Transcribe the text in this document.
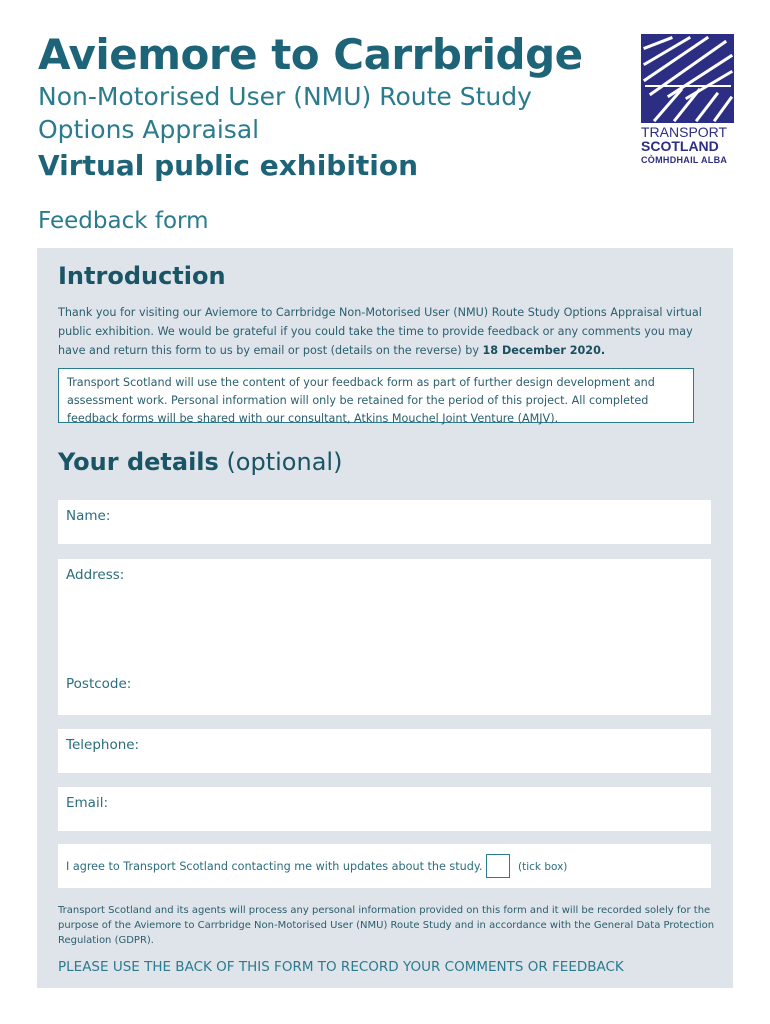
Aviemore to Carrbridge
Non-Motorised User (NMU) Route Study Options Appraisal
Virtual public exhibition
Feedback form
TRANSPORT
SCOTLAND
CÒMHDHAIL ALBA
Introduction
Thank you for visiting our Aviemore to Carrbridge Non-Motorised User (NMU) Route Study Options Appraisal virtual public exhibition. We would be grateful if you could take the time to provide feedback or any comments you may have and return this form to us by email or post (details on the reverse) by 18 December 2020.
Transport Scotland will use the content of your feedback form as part of further design development and assessment work. Personal information will only be retained for the period of this project. All completed feedback forms will be shared with our consultant, Atkins Mouchel Joint Venture (AMJV).
Your details (optional)
Name:
Address:
Postcode:
Telephone:
Email:
I agree to Transport Scotland contacting me with updates about the study.	(tick box)
Transport Scotland and its agents will process any personal information provided on this form and it will be recorded solely for the purpose of the Aviemore to Carrbridge Non-Motorised User (NMU) Route Study and in accordance with the General Data Protection Regulation (GDPR).
PLEASE USE THE BACK OF THIS FORM TO RECORD YOUR COMMENTS OR FEEDBACK
